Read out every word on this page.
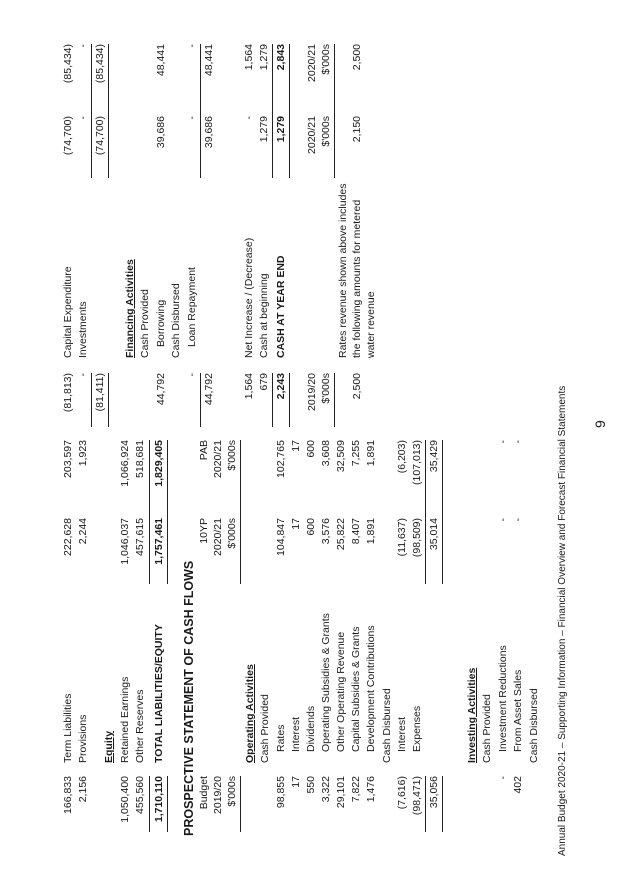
166,833
Term Liabilities
222,628
203,597
2,156
Provisions
2,244
1,923
Equity
1,050,400
Retained Earnings
1,046,037
1,066,924
455,560
Other Reserves
457,615
518,681
1,710,110
TOTAL LIABILITIES/EQUITY
1,757,461
1,829,405
PROSPECTIVE STATEMENT OF CASH FLOWS Budget 2019/20 $'000s
10YP 2020/21 $'000s
PAB 2020/21 $'000s
Operating Activities Cash Provided
98,855
Rates
104,847
102,765
17
Interest
17
17
550
Dividends
600
600
3,322
Operating Subsidies & Grants
3,576
3,608
29,101
Other Operating Revenue
25,822
32,509
7,822
Capital Subsidies & Grants
8,407
7,255
1,476
Development Contributions
1,891
1,891
Cash Disbursed
(7,616)
Interest
(11,637)
(6,203)
(98,471)
Expenses
(98,509)
(107,013)
35,056
35,014
35,429
Investing Activities Cash Provided
-
Investment Reductions
-
-
402
From Asset Sales
-
-
Cash Disbursed
(81,813)
Capital Expenditure
(74,700)
(85,434)
-
Investments
-
-
(81,411)
(74,700)
(85,434)
Financing Activities Cash Provided
44,792
Borrowing
39,686
48,441
Cash Disbursed
-
Loan Repayment
-
-
44,792
39,686
48,441
1,564
Net Increase / (Decrease)
-
1,564
679
Cash at beginning
1,279
1,279
2,243
CASH AT YEAR END
1,279
2,843
2019/20 $'000s
2020/21 $'000s
2020/21 $'000s
Rates revenue shown above includes the following amounts for metered water revenue
2,500
2,150
2,500
Annual Budget 2020-21 – Supporting Information – Financial Overview and Forecast Financial Statements 9
